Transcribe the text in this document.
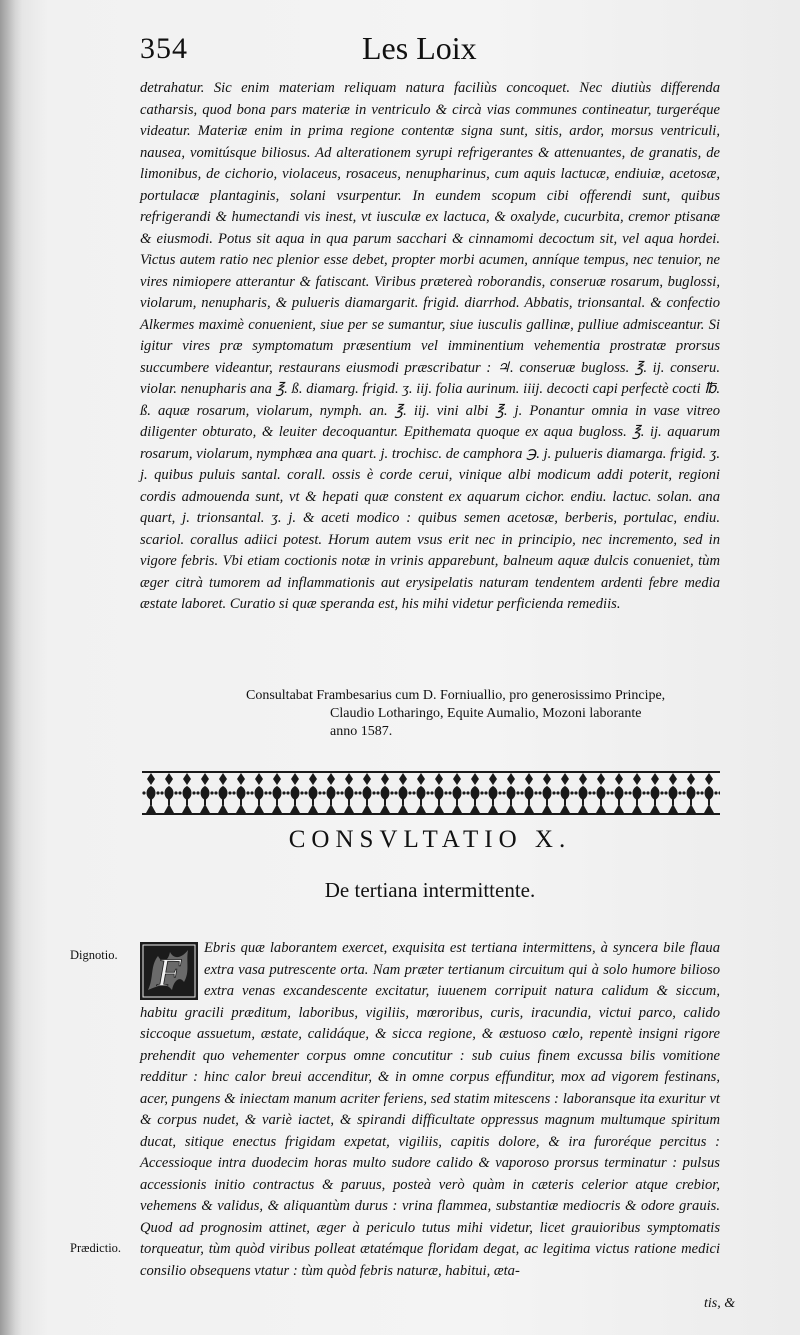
354	Les Loix
detrahatur. Sic enim materiam reliquam natura faciliùs concoquet. Nec diutiùs differenda catharsis, quod bona pars materiæ in ventriculo & circà vias communes contineatur, turgeréque videatur. Materiæ enim in prima regione contentæ signa sunt, sitis, ardor, morsus ventriculi, nausea, vomitúsque biliosus. Ad alterationem syrupi refrigerantes & attenuantes, de granatis, de limonibus, de cichorio, violaceus, rosaceus, nenupharinus, cum aquis lactucæ, endiuiæ, acetosæ, portulacæ plantaginis, solani vsurpentur. In eundem scopum cibi offerendi sunt, quibus refrigerandi & humectandi vis inest, vt iusculæ ex lactuca, & oxalyde, cucurbita, cremor ptisanæ & eiusmodi. Potus sit aqua in qua parum sacchari & cinnamomi decoctum sit, vel aqua hordei. Victus autem ratio nec plenior esse debet, propter morbi acumen, anníque tempus, nec tenuior, ne vires nimiopere atterantur & fatiscant. Viribus prætereà roborandis, conseruæ rosarum, buglossi, violarum, nenupharis, & pulueris diamargarit. frigid. diarrhod. Abbatis, trionsantal. & confectio Alkermes maximè conuenient, siue per se sumantur, siue iusculis gallinæ, pulliue admisceantur. Si igitur vires præ symptomatum præsentium vel imminentium vehementia prostratæ prorsus succumbere videantur, restaurans eiusmodi præscribatur : ♃. conseruæ bugloss. ℥. ij. conseru. violar. nenupharis ana ℥. ß. diamarg. frigid. ʒ. iij. folia aurinum. iiij. decocti capi perfectè cocti ℔. ß. aquæ rosarum, violarum, nymph. an. ℥. iij. vini albi ℥. j. Ponantur omnia in vase vitreo diligenter obturato, & leuiter decoquantur. Epithemata quoque ex aqua bugloss. ℥. ij. aquarum rosarum, violarum, nymphæa ana quart. j. trochisc. de camphora ℈. j. pulueris diamarga. frigid. ʒ. j. quibus puluis santal. corall. ossis è corde cerui, vinique albi modicum addi poterit, regioni cordis admouenda sunt, vt & hepati quæ constent ex aquarum cichor. endiu. lactuc. solan. ana quart, j. trionsantal. ʒ. j. & aceti modico : quibus semen acetosæ, berberis, portulac, endiu. scariol. corallus adiici potest. Horum autem vsus erit nec in principio, nec incremento, sed in vigore febris. Vbi etiam coctionis notæ in vrinis apparebunt, balneum aquæ dulcis conueniet, tùm æger citrà tumorem ad inflammationis aut erysipelatis naturam tendentem ardenti febre media æstate laboret. Curatio si quæ speranda est, his mihi videtur perficienda remediis.
Consultabat Frambesarius cum D. Forniuallio, pro generosissimo Principe,
Claudio Lotharingo, Equite Aumalio, Mozoni laborante
anno 1587.
CONSVLTATIO X.
De tertiana intermittente.
Dignotio.
Prædictio.
F
Ebris quæ laborantem exercet, exquisita est tertiana intermittens, à syncera bile flaua extra vasa putrescente orta. Nam præter tertianum circuitum qui à solo humore bilioso extra venas excandescente excitatur, iuuenem corripuit natura calidum & siccum, habitu gracili præditum, laboribus, vigiliis, mœroribus, curis, iracundia, victui parco, calido siccoque assuetum, æstate, calidáque, & sicca regione, & æstuoso cœlo, repentè insigni rigore prehendit quo vehementer corpus omne concutitur : sub cuius finem excussa bilis vomitione redditur : hinc calor breui accenditur, & in omne corpus effunditur, mox ad vigorem festinans, acer, pungens & iniectam manum acriter feriens, sed statim mitescens : laboransque ita exuritur vt & corpus nudet, & variè iactet, & spirandi difficultate oppressus magnum multumque spiritum ducat, sitique enectus frigidam expetat, vigiliis, capitis dolore, & ira furoréque percitus : Accessioque intra duodecim horas multo sudore calido & vaporoso prorsus terminatur : pulsus accessionis initio contractus & paruus, posteà verò quàm in cæteris celerior atque crebior, vehemens & validus, & aliquantùm durus : vrina flammea, substantiæ mediocris & odore grauis. Quod ad prognosim attinet, æger à periculo tutus mihi videtur, licet grauioribus symptomatis torqueatur, tùm quòd viribus polleat ætatémque floridam degat, ac legitima victus ratione medici consilio obsequens vtatur : tùm quòd febris naturæ, habitui, æta-
tis, &
